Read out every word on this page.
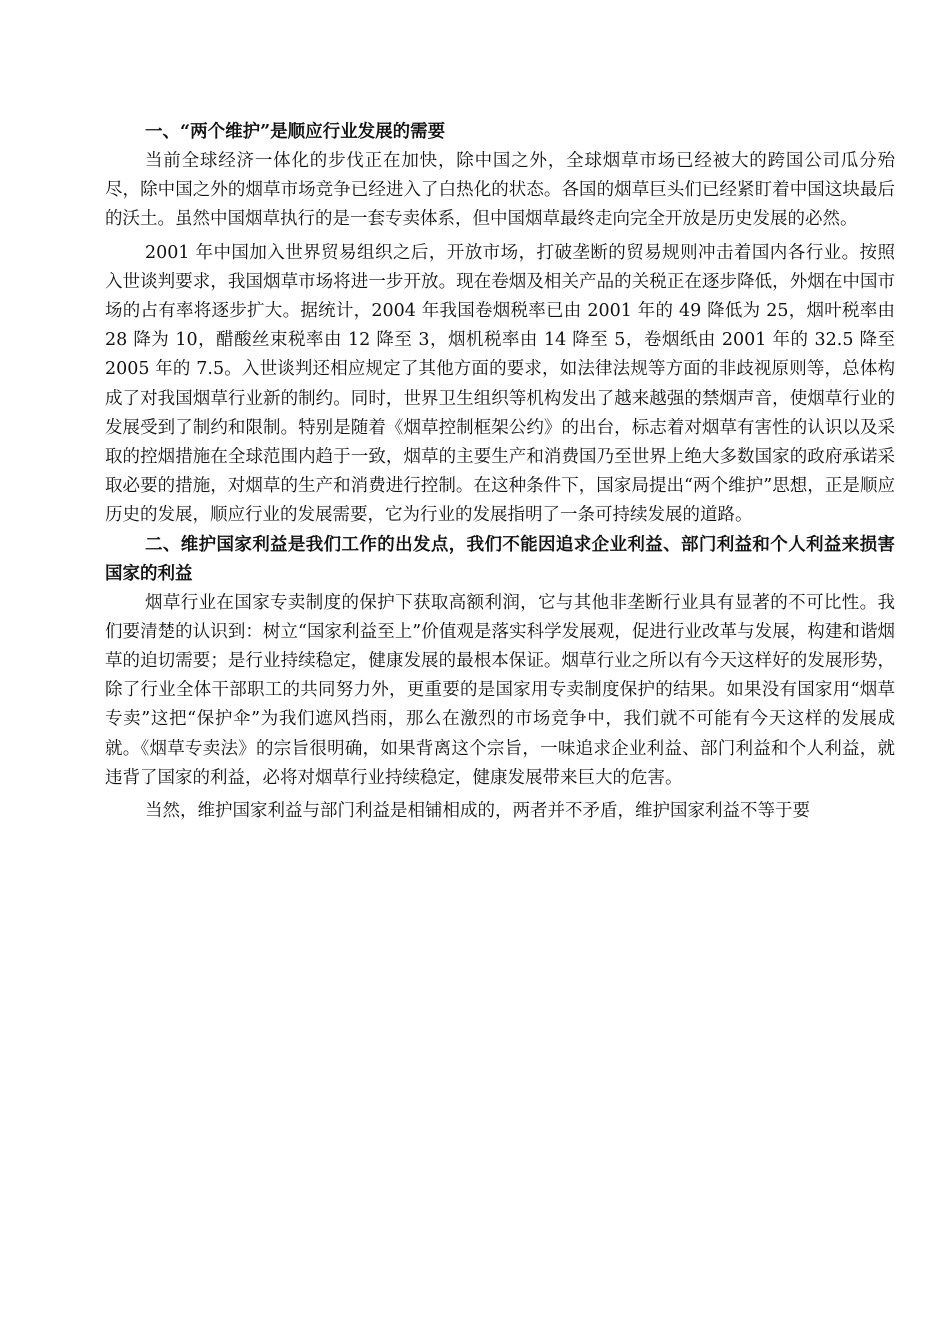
一、“两个维护”是顺应行业发展的需要

当前全球经济一体化的步伐正在加快，除中国之外，全球烟草市场已经被大的跨国公司瓜分殆尽，除中国之外的烟草市场竞争已经进入了白热化的状态。各国的烟草巨头们已经紧盯着中国这块最后的沃土。虽然中国烟草执行的是一套专卖体系，但中国烟草最终走向完全开放是历史发展的必然。

2001 年中国加入世界贸易组织之后，开放市场，打破垄断的贸易规则冲击着国内各行业。按照入世谈判要求，我国烟草市场将进一步开放。现在卷烟及相关产品的关税正在逐步降低，外烟在中国市场的占有率将逐步扩大。据统计，2004 年我国卷烟税率已由 2001 年的 49 降低为 25，烟叶税率由 28 降为 10，醋酸丝束税率由 12 降至 3，烟机税率由 14 降至 5，卷烟纸由 2001 年的 32.5 降至 2005 年的 7.5。入世谈判还相应规定了其他方面的要求，如法律法规等方面的非歧视原则等，总体构成了对我国烟草行业新的制约。同时，世界卫生组织等机构发出了越来越强的禁烟声音，使烟草行业的发展受到了制约和限制。特别是随着《烟草控制框架公约》的出台，标志着对烟草有害性的认识以及采取的控烟措施在全球范围内趋于一致，烟草的主要生产和消费国乃至世界上绝大多数国家的政府承诺采取必要的措施，对烟草的生产和消费进行控制。在这种条件下，国家局提出“两个维护”思想，正是顺应历史的发展，顺应行业的发展需要，它为行业的发展指明了一条可持续发展的道路。

二、维护国家利益是我们工作的出发点，我们不能因追求企业利益、部门利益和个人利益来损害国家的利益

烟草行业在国家专卖制度的保护下获取高额利润，它与其他非垄断行业具有显著的不可比性。我们要清楚的认识到：树立“国家利益至上”价值观是落实科学发展观，促进行业改革与发展，构建和谐烟草的迫切需要；是行业持续稳定，健康发展的最根本保证。烟草行业之所以有今天这样好的发展形势，除了行业全体干部职工的共同努力外，更重要的是国家用专卖制度保护的结果。如果没有国家用“烟草专卖”这把“保护伞”为我们遮风挡雨，那么在激烈的市场竞争中，我们就不可能有今天这样的发展成就。《烟草专卖法》的宗旨很明确，如果背离这个宗旨，一味追求企业利益、部门利益和个人利益，就违背了国家的利益，必将对烟草行业持续稳定，健康发展带来巨大的危害。

当然，维护国家利益与部门利益是相铺相成的，两者并不矛盾，维护国家利益不等于要
